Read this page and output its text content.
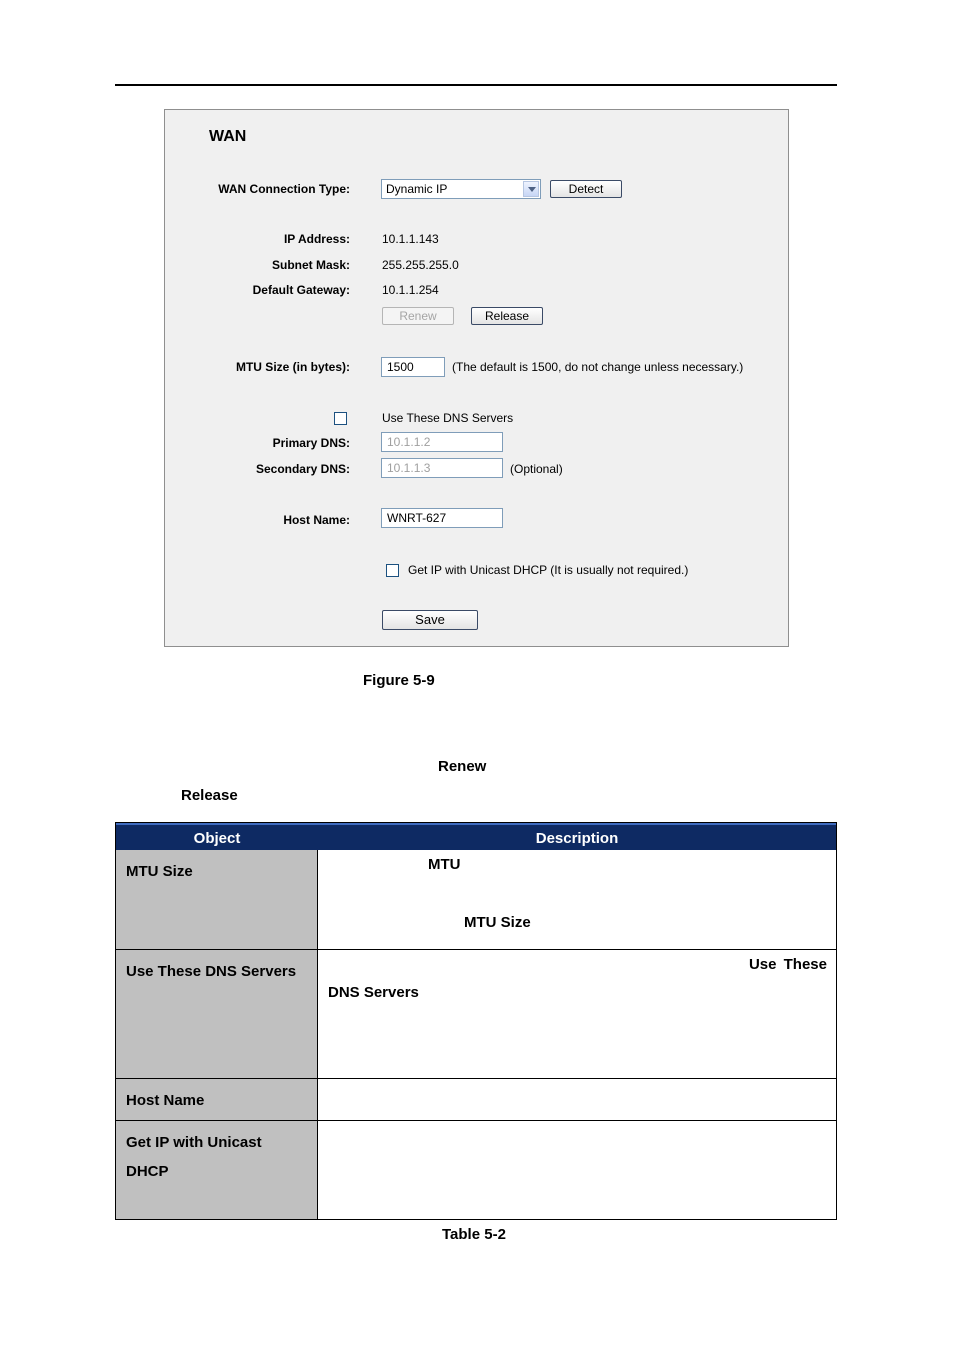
WAN
WAN Connection Type:	Dynamic IP	Detect
IP Address:	10.1.1.143
Subnet Mask:	255.255.255.0
Default Gateway:	10.1.1.254
Renew	Release
MTU Size (in bytes):	1500	(The default is 1500, do not change unless necessary.)
Use These DNS Servers
Primary DNS:	10.1.1.2
Secondary DNS:	10.1.1.3	(Optional)
Host Name:	WNRT-627
Get IP with Unicast DHCP (It is usually not required.)
Save
Figure 5-9
Renew
Release
Object	Description
MTU Size	MTU
MTU Size
Use These DNS Servers	Use These
DNS Servers
Host Name
Get IP with Unicast
DHCP
Table 5-2
